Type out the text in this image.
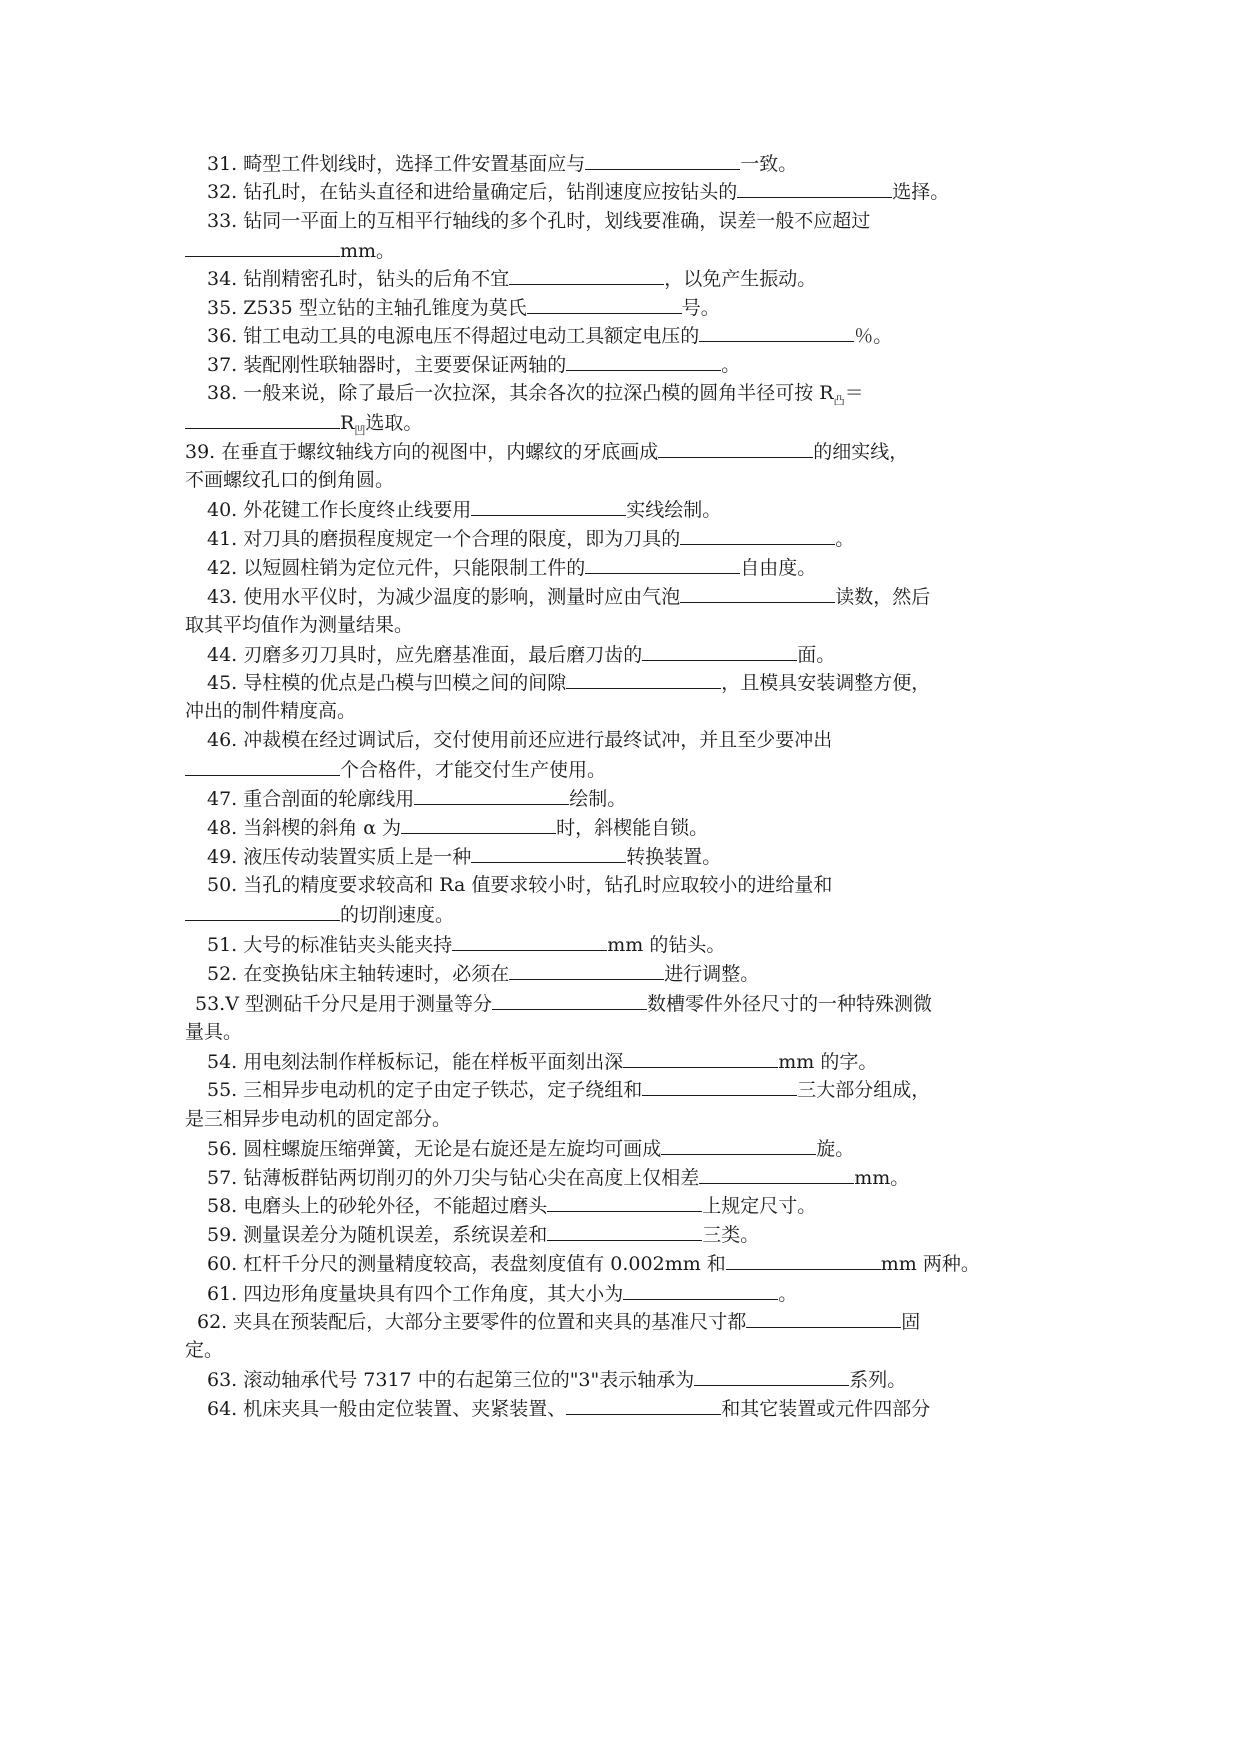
31. 畸型工件划线时，选择工件安置基面应与	一致。
32. 钻孔时，在钻头直径和进给量确定后，钻削速度应按钻头的	选择。
33. 钻同一平面上的互相平行轴线的多个孔时，划线要准确，误差一般不应超过
mm。
34. 钻削精密孔时，钻头的后角不宜	，以免产生振动。
35. Z535 型立钻的主轴孔锥度为莫氏	号。
36. 钳工电动工具的电源电压不得超过电动工具额定电压的	％。
37. 装配刚性联轴器时，主要要保证两轴的	。
38. 一般来说，除了最后一次拉深，其余各次的拉深凸模的圆角半径可按 $R_凸=$
$R_凹$选取。
39. 在垂直于螺纹轴线方向的视图中，内螺纹的牙底画成	的细实线，
不画螺纹孔口的倒角圆。
40. 外花键工作长度终止线要用	实线绘制。
41. 对刀具的磨损程度规定一个合理的限度，即为刀具的	。
42. 以短圆柱销为定位元件，只能限制工件的	自由度。
43. 使用水平仪时，为减少温度的影响，测量时应由气泡	读数，然后
取其平均值作为测量结果。
44. 刃磨多刃刀具时，应先磨基准面，最后磨刀齿的	面。
45. 导柱模的优点是凸模与凹模之间的间隙	，且模具安装调整方便，
冲出的制件精度高。
46. 冲裁模在经过调试后，交付使用前还应进行最终试冲，并且至少要冲出
个合格件，才能交付生产使用。
47. 重合剖面的轮廓线用	绘制。
48. 当斜楔的斜角 α 为	时，斜楔能自锁。
49. 液压传动装置实质上是一种	转换装置。
50. 当孔的精度要求较高和 Ra 值要求较小时，钻孔时应取较小的进给量和
的切削速度。
51. 大号的标准钻夹头能夹持	mm 的钻头。
52. 在变换钻床主轴转速时，必须在	进行调整。
53.V 型测砧千分尺是用于测量等分	数槽零件外径尺寸的一种特殊测微
量具。
54. 用电刻法制作样板标记，能在样板平面刻出深	mm 的字。
55. 三相异步电动机的定子由定子铁芯，定子绕组和	三大部分组成，
是三相异步电动机的固定部分。
56. 圆柱螺旋压缩弹簧，无论是右旋还是左旋均可画成	旋。
57. 钻薄板群钻两切削刃的外刀尖与钻心尖在高度上仅相差	mm。
58. 电磨头上的砂轮外径，不能超过磨头	上规定尺寸。
59. 测量误差分为随机误差，系统误差和	三类。
60. 杠杆千分尺的测量精度较高，表盘刻度值有 0.002mm 和	mm 两种。
61. 四边形角度量块具有四个工作角度，其大小为	。
62. 夹具在预装配后，大部分主要零件的位置和夹具的基准尺寸都	固
定。
63. 滚动轴承代号 7317 中的右起第三位的"3"表示轴承为	系列。
64. 机床夹具一般由定位装置、夹紧装置、	和其它装置或元件四部分
